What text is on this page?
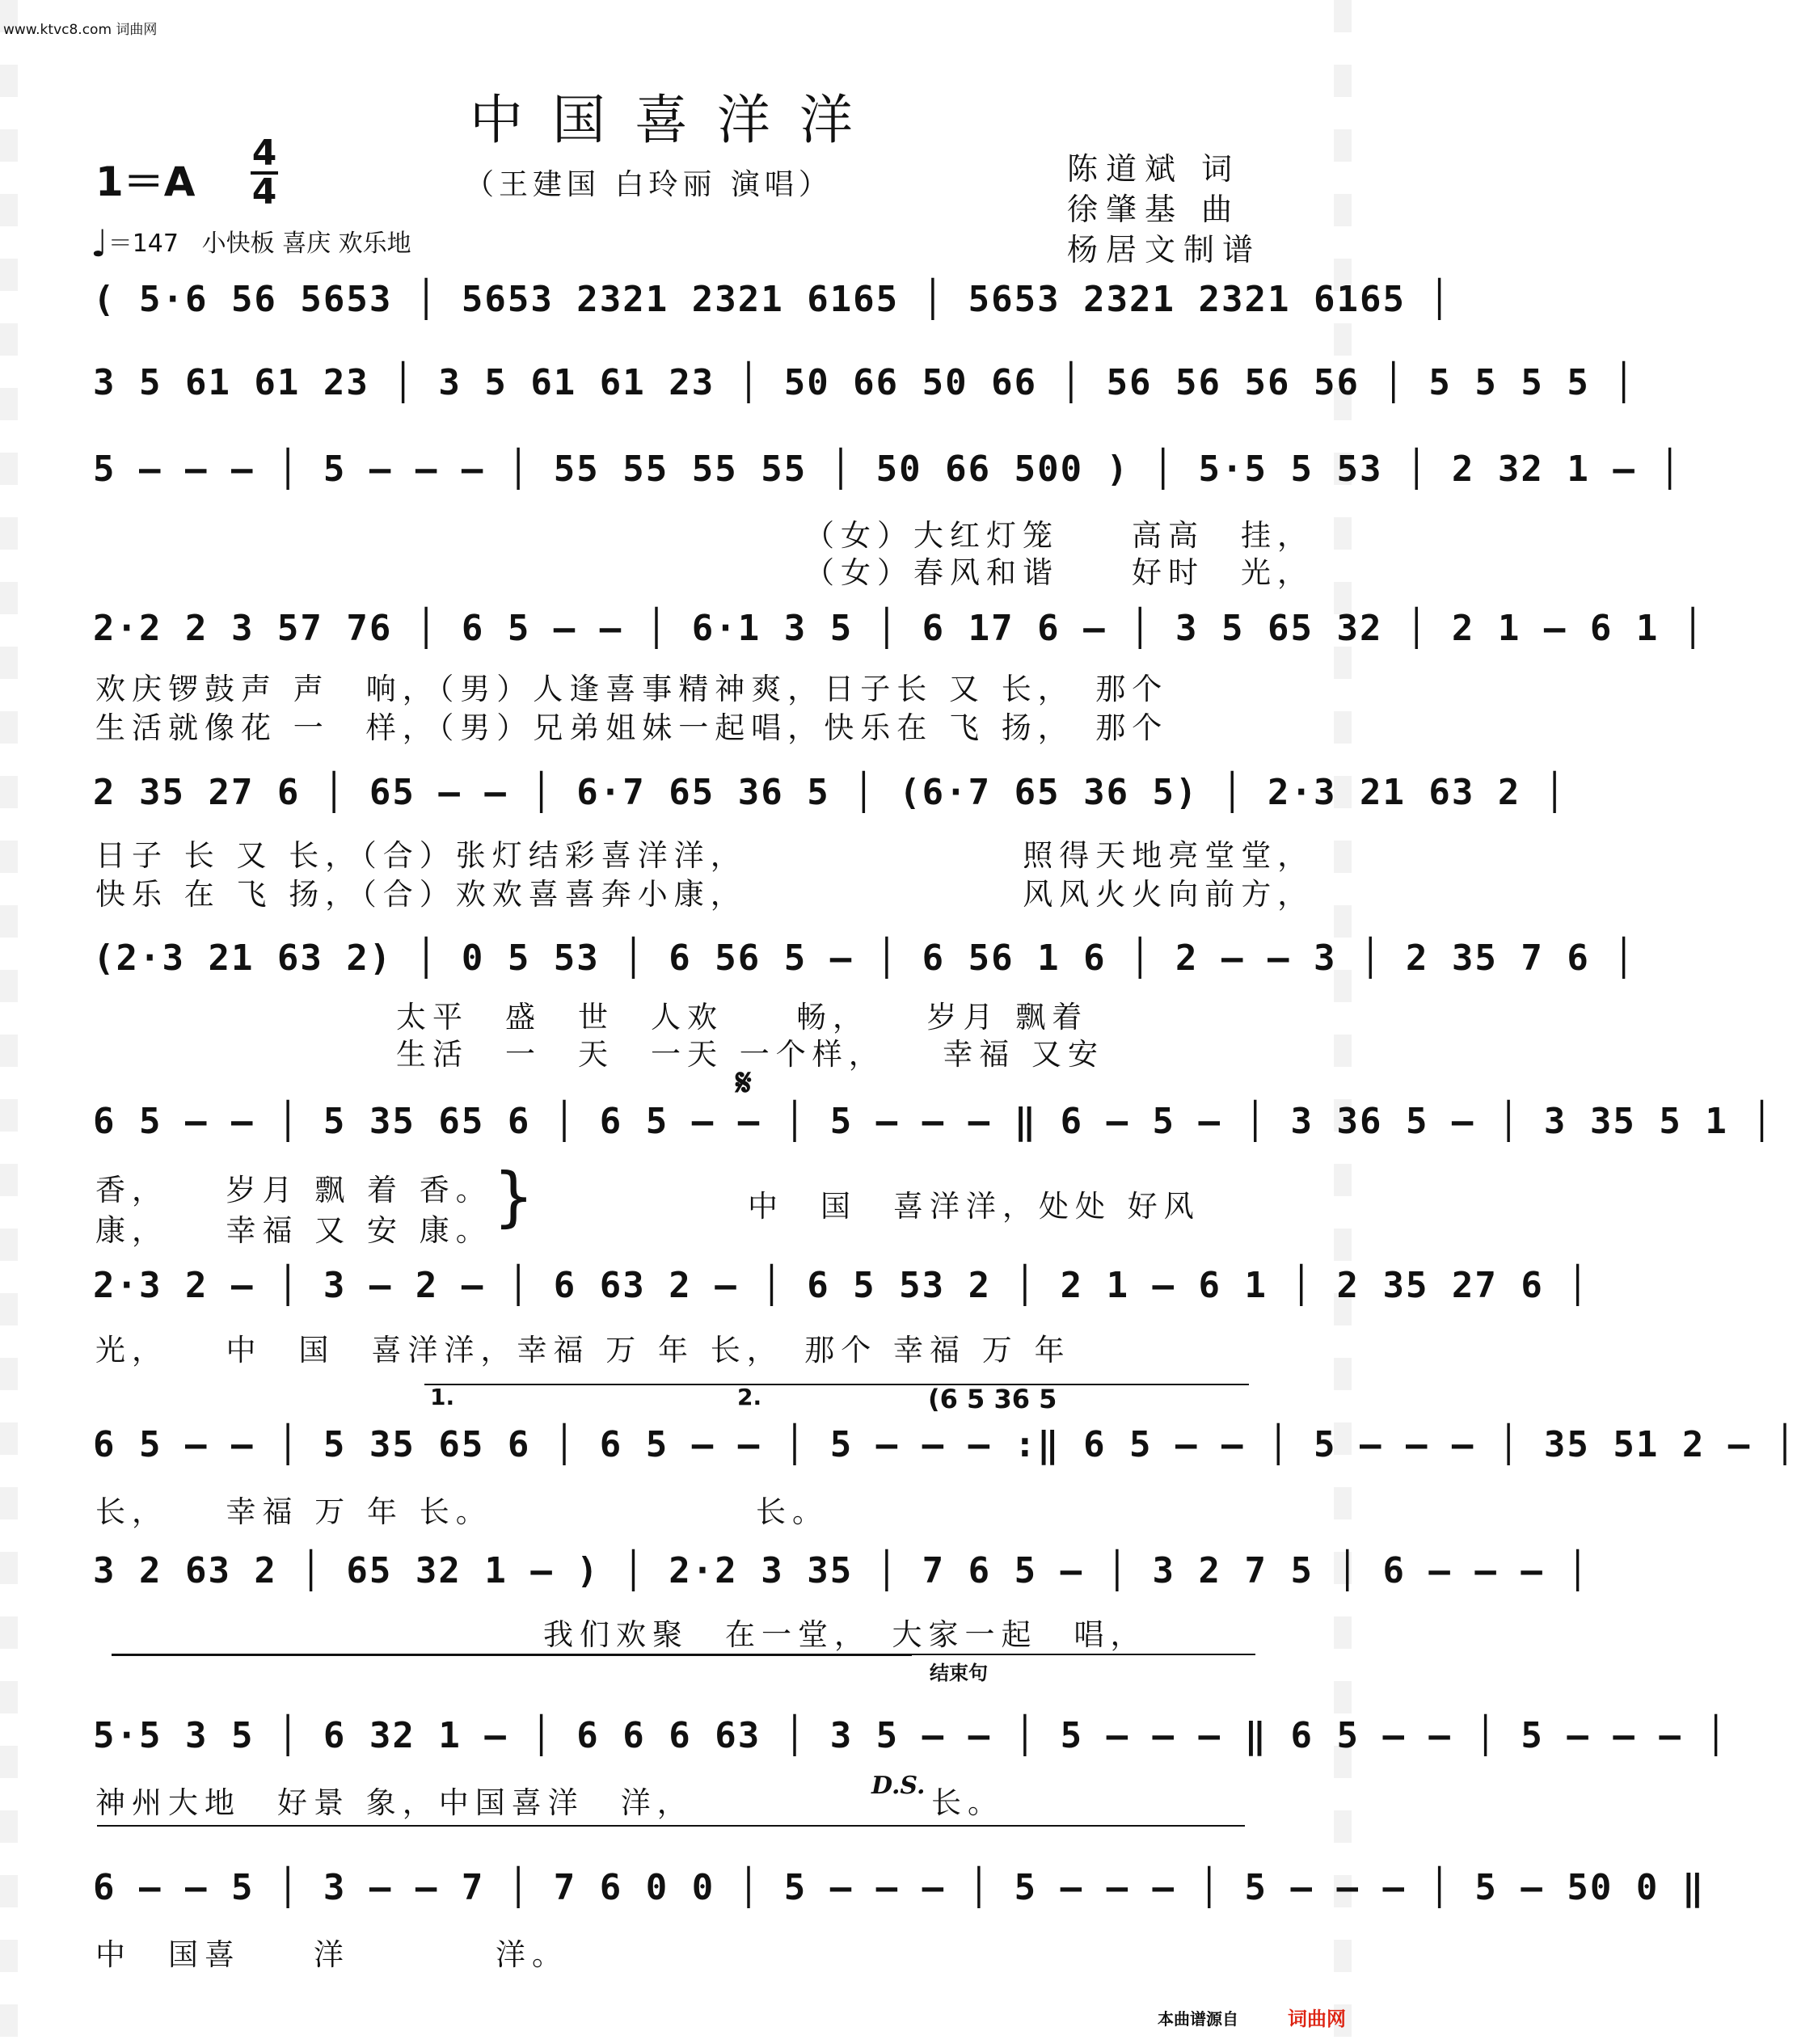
www.ktvc8.com 词曲网
中国喜洋洋
（王建国 白玲丽 演唱）
1＝A
4
4
♩＝147 小快板 喜庆 欢乐地
陈道斌 词
徐肇基 曲
杨居文制谱
( 5·6 56 5653 │ 5653 2321 2321 6165 │ 5653 2321 2321 6165 │
3 5 61 61 23 │ 3 5 61 61 23 │ 50 66 50 66 │ 56 56 56 56 │ 5 5 5 5 │
5 — — — │ 5 — — — │ 55 55 55 55 │ 50 66 500 ) │ 5·5 5 53 │ 2 32 1 — │
（女）大红灯笼　　高高　挂，
（女）春风和谐　　好时　光，
2·2 2 3 57 76 │ 6 5 — — │ 6·1 3 5 │ 6 17 6 — │ 3 5 65 32 │ 2 1 — 6 1 │
欢庆锣鼓声 声　响，（男）人逢喜事精神爽，日子长 又 长，　那个
生活就像花 一　样，（男）兄弟姐妹一起唱，快乐在 飞 扬，　那个
2 35 27 6 │ 65 — — │ 6·7 65 36 5 │ (6·7 65 36 5) │ 2·3 21 63 2 │
日子 长 又 长，（合）张灯结彩喜洋洋，　　　　　　　　照得天地亮堂堂，
快乐 在 飞 扬，（合）欢欢喜喜奔小康，　　　　　　　　风风火火向前方，
(2·3 21 63 2) │ 0 5 53 │ 6 56 5 — │ 6 56 1 6 │ 2 — — 3 │ 2 35 7 6 │
太平　盛　世　人欢　　畅，　　岁月 飘着
生活　一　天　一天 一个样，　　幸福 又安
𝄋
6 5 — — │ 5 35 65 6 │ 6 5 — — │ 5 — — — ‖ 6 — 5 — │ 3 36 5 — │ 3 35 5 1 │
香，　　岁月 飘 着 香。
康，　　幸福 又 安 康。 }	中　国　喜洋洋，处处 好风
2·3 2 — │ 3 — 2 — │ 6 63 2 — │ 6 5 53 2 │ 2 1 — 6 1 │ 2 35 27 6 │
光，　　中　国　喜洋洋，幸福 万 年 长，　那个 幸福 万 年
1.	2.	(6 5 36 5
6 5 — — │ 5 35 65 6 │ 6 5 — — │ 5 — — — :‖ 6 5 — — │ 5 — — — │ 35 51 2 — │
长，　　幸福 万 年 长。	长。
3 2 63 2 │ 65 32 1 — ) │ 2·2 3 35 │ 7 6 5 — │ 3 2 7 5 │ 6 — — — │
我们欢聚　在一堂，　大家一起　唱，
结束句
5·5 3 5 │ 6 32 1 — │ 6 6 6 63 │ 3 5 — — │ 5 — — — ‖ 6 5 — — │ 5 — — — │
神州大地　好景 象，中国喜洋　洋，	D.S. 长。
6 — — 5 │ 3 — — 7 │ 7 6 0 0 │ 5 — — — │ 5 — — — │ 5 — — — │ 5 — 50 0 ‖
中　国喜　　洋　　　　洋。
本曲谱源自	词曲网
